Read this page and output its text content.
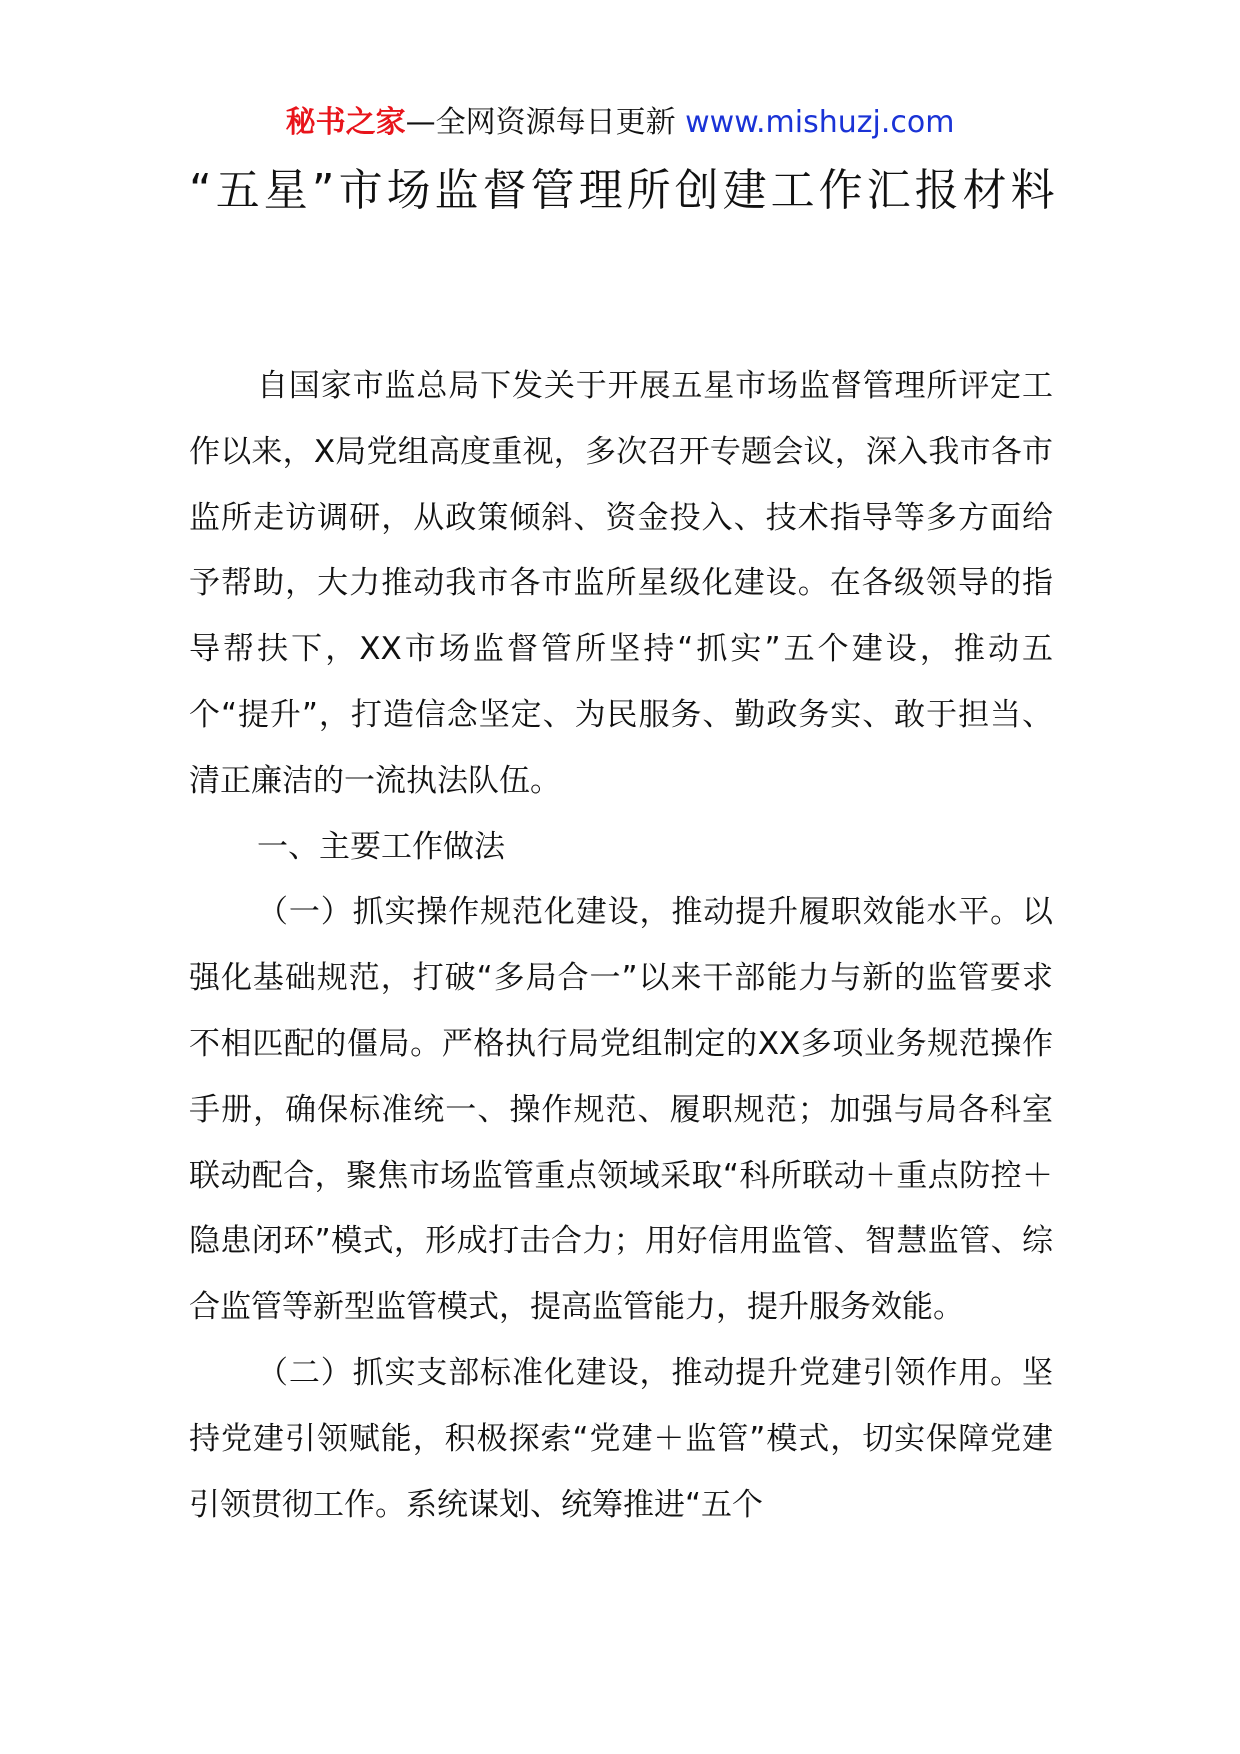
秘书之家—全网资源每日更新 www.mishuzj.com
“五星”市场监督管理所创建工作汇报材料

自国家市监总局下发关于开展五星市场监督管理所评定工作以来，X局党组高度重视，多次召开专题会议，深入我市各市监所走访调研，从政策倾斜、资金投入、技术指导等多方面给予帮助，大力推动我市各市监所星级化建设。在各级领导的指导帮扶下，XX市场监督管所坚持“抓实”五个建设，推动五个“提升”，打造信念坚定、为民服务、勤政务实、敢于担当、清正廉洁的一流执法队伍。

一、主要工作做法

（一）抓实操作规范化建设，推动提升履职效能水平。以强化基础规范，打破“多局合一”以来干部能力与新的监管要求不相匹配的僵局。严格执行局党组制定的XX多项业务规范操作手册，确保标准统一、操作规范、履职规范；加强与局各科室联动配合，聚焦市场监管重点领域采取“科所联动＋重点防控＋隐患闭环”模式，形成打击合力；用好信用监管、智慧监管、综合监管等新型监管模式，提高监管能力，提升服务效能。

（二）抓实支部标准化建设，推动提升党建引领作用。坚持党建引领赋能，积极探索“党建＋监管”模式，切实保障党建引领贯彻工作。系统谋划、统筹推进“五个
